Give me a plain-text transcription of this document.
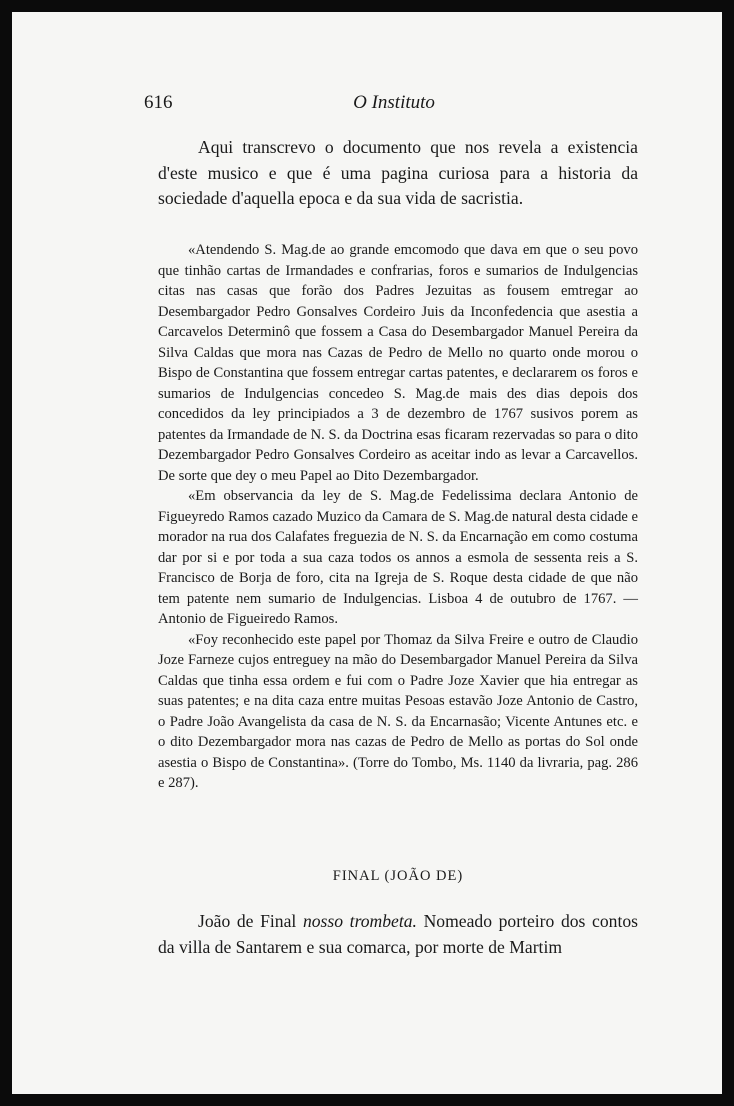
616	O Instituto

Aqui transcrevo o documento que nos revela a existencia d'este musico e que é uma pagina curiosa para a historia da sociedade d'aquella epoca e da sua vida de sacristia.

«Atendendo S. Mag.de ao grande emcomodo que dava em que o seu povo que tinhão cartas de Irmandades e confrarias, foros e sumarios de Indulgencias citas nas casas que forão dos Padres Jezuitas as fousem emtregar ao Desembargador Pedro Gonsalves Cordeiro Juis da Inconfedencia que asestia a Carcavelos Determinô que fossem a Casa do Desembargador Manuel Pereira da Silva Caldas que mora nas Cazas de Pedro de Mello no quarto onde morou o Bispo de Constantina que fossem entregar cartas patentes, e declararem os foros e sumarios de Indulgencias concedeo S. Mag.de mais des dias depois dos concedidos da ley principiados a 3 de dezembro de 1767 susivos porem as patentes da Irmandade de N. S. da Doctrina esas ficaram rezervadas so para o dito Dezembargador Pedro Gonsalves Cordeiro as aceitar indo as levar a Carcavellos. De sorte que dey o meu Papel ao Dito Dezembargador.

«Em observancia da ley de S. Mag.de Fedelissima declara Antonio de Figueyredo Ramos cazado Muzico da Camara de S. Mag.de natural desta cidade e morador na rua dos Calafates freguezia de N. S. da Encarnação em como costuma dar por si e por toda a sua caza todos os annos a esmola de sessenta reis a S. Francisco de Borja de foro, cita na Igreja de S. Roque desta cidade de que não tem patente nem sumario de Indulgencias. Lisboa 4 de outubro de 1767. — Antonio de Figueiredo Ramos.

«Foy reconhecido este papel por Thomaz da Silva Freire e outro de Claudio Joze Farneze cujos entreguey na mão do Desembargador Manuel Pereira da Silva Caldas que tinha essa ordem e fui com o Padre Joze Xavier que hia entregar as suas patentes; e na dita caza entre muitas Pesoas estavão Joze Antonio de Castro, o Padre João Avangelista da casa de N. S. da Encarnasão; Vicente Antunes etc. e o dito Dezembargador mora nas cazas de Pedro de Mello as portas do Sol onde asestia o Bispo de Constantina». (Torre do Tombo, Ms. 1140 da livraria, pag. 286 e 287).

FINAL (JOÃO DE)

João de Final nosso trombeta. Nomeado porteiro dos contos da villa de Santarem e sua comarca, por morte de Martim
